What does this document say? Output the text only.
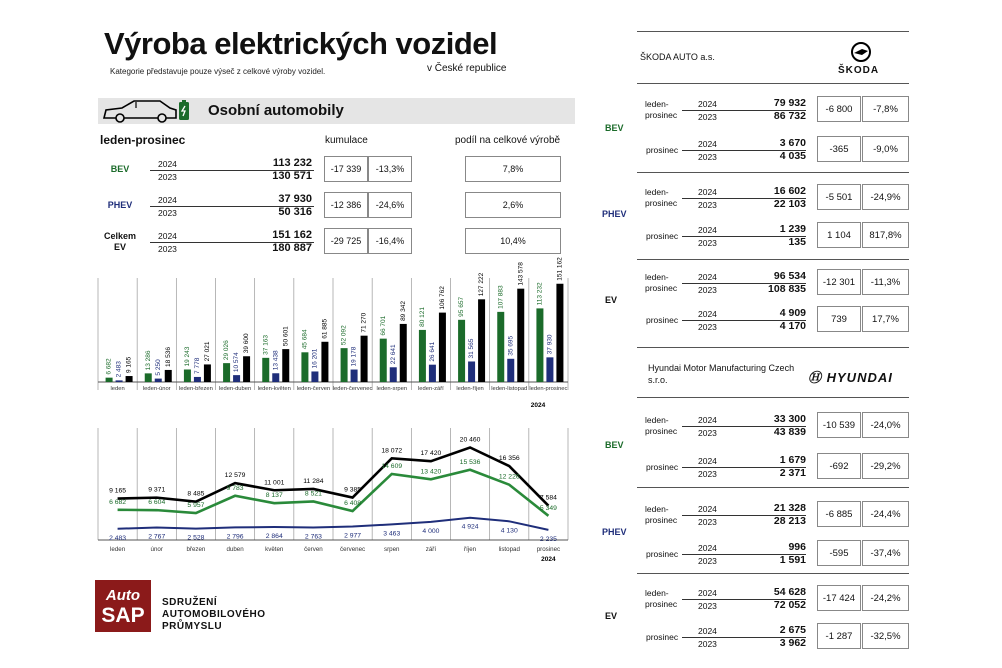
Výroba elektrických vozidel
Kategorie představuje pouze výseč z celkové výroby vozidel.	v České republice
Osobní automobily
leden-prosinec	kumulace	podíl na celkové výrobě
BEV	2024	113 232
2023	130 571
-17 339	-13,3%	7,8%
PHEV	2024	37 930
2023	50 316
-12 386	-24,6%	2,6%
Celkem EV
2024	151 162
2023	180 887
-29 725	-16,4%	10,4%
6 682 2 483 9 165
leden
13 286 5 250
18 536
leden-únor
19 243 7 778
27 021
leden-březen
29 026
10 574
39 600
leden-duben
37 163
13 438
50 601
leden-květen
45 684
16 201
61 885
leden-červen
52 092
19 178
71 270
leden-červenec
66 701
22 641
89 342
leden-srpen
80 121
26 641
106 762
leden-září
95 657
31 565
127 222
leden-říjen
107 883
35 695
143 578
leden-listopad
113 232
37 930
151 162
leden-prosinec
2024
9 165	9 371
8 485
12 579
11 001	11 284
9 385
18 072	17 420
20 460
16 356
7 584
6 682	6 604	5 957
9 783
8 137	8 521
6 408
14 609
13 420
15 536
12 226
5 349
2 483	2 767	2 528	2 796	2 864	2 763	2 977	3 463	4 000
4 924
4 130
2 235
leden	únor	březen	duben	květen	červen	červenec	srpen	září	říjen	listopad	prosinec
2024
Auto
SAP
SDRUŽENÍ
AUTOMOBILOVÉHO
PRŮMYSLU
ŠKODA AUTO a.s.
ŠKODA
Hyundai Motor Manufacturing Czech s.r.o.	Ⓗ HYUNDAI
BEV
leden-prosinec
2024	79 932
2023	86 732
-6 800	-7,8%
prosinec
2024	3 670
2023	4 035
-365	-9,0%
PHEV
leden-prosinec
2024	16 602
2023	22 103
-5 501	-24,9%
prosinec
2024	1 239
2023	135
1 104	817,8%
EV
leden-prosinec
2024	96 534
2023	108 835
-12 301	-11,3%
prosinec
2024	4 909
2023	4 170
739	17,7%
BEV
leden-prosinec
2024	33 300
2023	43 839
-10 539	-24,0%
prosinec
2024	1 679
2023	2 371
-692	-29,2%
PHEV
leden-prosinec
2024	21 328
2023	28 213
-6 885	-24,4%
prosinec
2024	996
2023	1 591
-595	-37,4%
EV
leden-prosinec
2024	54 628
2023	72 052
-17 424	-24,2%
prosinec
2024	2 675
2023	3 962
-1 287	-32,5%
